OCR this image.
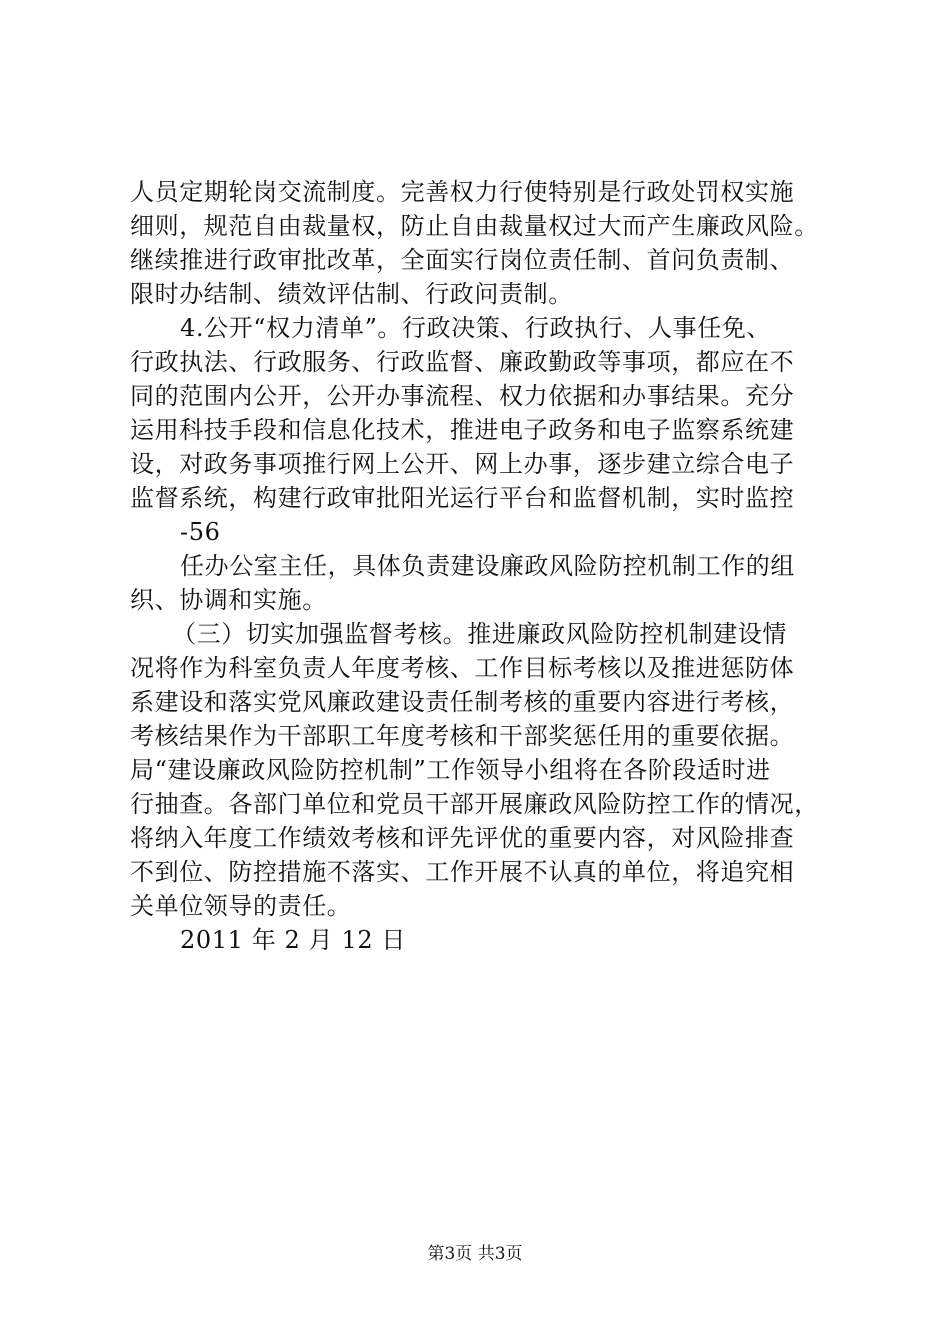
人员定期轮岗交流制度。完善权力行使特别是行政处罚权实施
细则，规范自由裁量权，防止自由裁量权过大而产生廉政风险。
继续推进行政审批改革，全面实行岗位责任制、首问负责制、
限时办结制、绩效评估制、行政问责制。
4.公开“权力清单”。行政决策、行政执行、人事任免、
行政执法、行政服务、行政监督、廉政勤政等事项，都应在不
同的范围内公开，公开办事流程、权力依据和办事结果。充分
运用科技手段和信息化技术，推进电子政务和电子监察系统建
设，对政务事项推行网上公开、网上办事，逐步建立综合电子
监督系统，构建行政审批阳光运行平台和监督机制，实时监控
-56
任办公室主任，具体负责建设廉政风险防控机制工作的组
织、协调和实施。
（三）切实加强监督考核。推进廉政风险防控机制建设情
况将作为科室负责人年度考核、工作目标考核以及推进惩防体
系建设和落实党风廉政建设责任制考核的重要内容进行考核，
考核结果作为干部职工年度考核和干部奖惩任用的重要依据。
局“建设廉政风险防控机制”工作领导小组将在各阶段适时进
行抽查。各部门单位和党员干部开展廉政风险防控工作的情况，
将纳入年度工作绩效考核和评先评优的重要内容，对风险排查
不到位、防控措施不落实、工作开展不认真的单位，将追究相
关单位领导的责任。
2011 年 2 月 12 日
第3页 共3页
